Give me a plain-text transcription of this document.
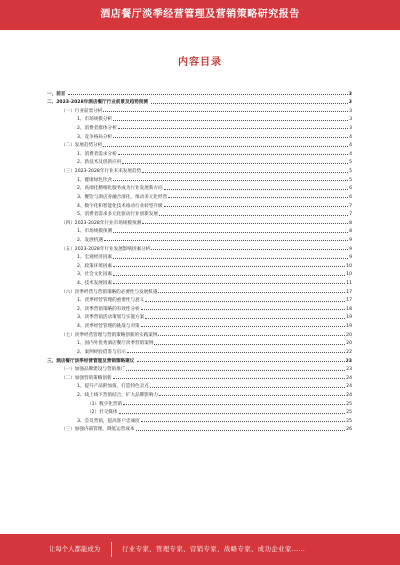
酒店餐厅淡季经营管理及营销策略研究报告
内容目录
一、前言	3
二、2023-2028年酒店餐厅行业前景及趋势预测	3
（一）行业前景分析	3
1、市场规模分析	3
2、消费者群体分析	3
3、竞争格局分析	4
（二）发展趋势分析	4
1、消费者需求分析	4
2、新技术及创新应用	5
（三）2023-2028年行业未来发展趋势	5
1、健康绿色饮食	5
2、高端化精细化服务成为行业发展新方向	6
3、餐饮与酒店业融合深化，推动多元化经营	6
4、数字化和智能化技术推动行业转型升级	7
5、消费者需求多元化驱动行业创新发展	7
（四）2023-2028年行业市场规模预测	8
1、市场规模预测	8
2、发展机遇	9
（五）2023-2028年行业发展影响因素分析	9
1、宏观经济因素	9
2、政策环境因素	10
3、社会文化因素	10
4、技术发展因素	11
（六）淡季经营与营销策略的必要性与发展机遇	17
1、淡季经营管理的重要性与意义	17
2、淡季营销策略的有效性分析	18
3、淡季营销活动策划与实施方案	19
4、淡季经营管理的挑战与对策	19
（七）淡季经营管理与营销策略创新的实践案例	20
1、国内外优秀酒店餐厅淡季营销案例	20
2、案例经验借鉴与启示	22
三、酒店餐厅淡季经营管理及营销策略建议	23
（一）加强品牌建设与营销推广	23
（二）加强营销策略创新	24
1、提升产品附加值，打造特色卖点	24
2、线上线下营销结合，扩大品牌影响力	24
（1）数字化营销	25
（2）社交媒体	25
3、会员营销，提高客户忠诚度	25
（三）加强内部管理，降低运营成本	26
让每个人都能成为	行业专家、管理专家、营销专家、战略专家、成功企业家……
